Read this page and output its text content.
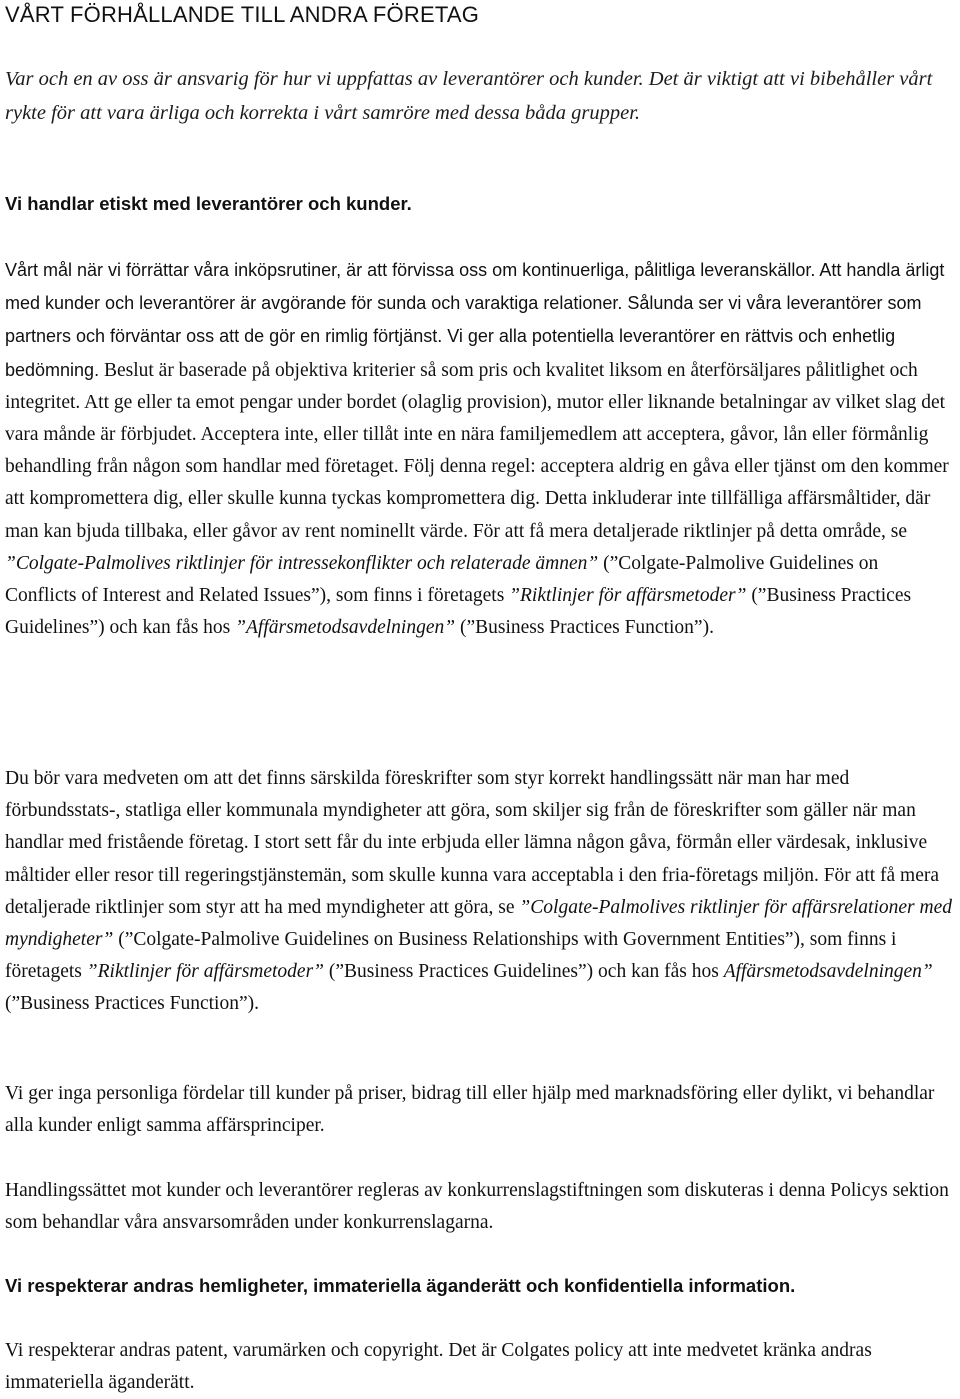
VÅRT FÖRHÅLLANDE TILL ANDRA FÖRETAG

Var och en av oss är ansvarig för hur vi uppfattas av leverantörer och kunder. Det är viktigt att vi bibehåller vårt rykte för att vara ärliga och korrekta i vårt samröre med dessa båda grupper.

Vi handlar etiskt med leverantörer och kunder.

Vårt mål när vi förrättar våra inköpsrutiner, är att förvissa oss om kontinuerliga, pålitliga leveranskällor. Att handla ärligt med kunder och leverantörer är avgörande för sunda och varaktiga relationer. Sålunda ser vi våra leverantörer som partners och förväntar oss att de gör en rimlig förtjänst. Vi ger alla potentiella leverantörer en rättvis och enhetlig bedömning. Beslut är baserade på objektiva kriterier så som pris och kvalitet liksom en återförsäljares pålitlighet och integritet. Att ge eller ta emot pengar under bordet (olaglig provision), mutor eller liknande betalningar av vilket slag det vara månde är förbjudet. Acceptera inte, eller tillåt inte en nära familjemedlem att acceptera, gåvor, lån eller förmånlig behandling från någon som handlar med företaget. Följ denna regel: acceptera aldrig en gåva eller tjänst om den kommer att kompromettera dig, eller skulle kunna tyckas kompromettera dig. Detta inkluderar inte tillfälliga affärsmåltider, där man kan bjuda tillbaka, eller gåvor av rent nominellt värde. För att få mera detaljerade riktlinjer på detta område, se ”Colgate-Palmolives riktlinjer för intressekonflikter och relaterade ämnen” (”Colgate-Palmolive Guidelines on Conflicts of Interest and Related Issues”), som finns i företagets ”Riktlinjer för affärsmetoder” (”Business Practices Guidelines”) och kan fås hos ”Affärsmetodsavdelningen” (”Business Practices Function”).

Du bör vara medveten om att det finns särskilda föreskrifter som styr korrekt handlingssätt när man har med förbundsstats-, statliga eller kommunala myndigheter att göra, som skiljer sig från de föreskrifter som gäller när man handlar med fristående företag. I stort sett får du inte erbjuda eller lämna någon gåva, förmån eller värdesak, inklusive måltider eller resor till regeringstjänstemän, som skulle kunna vara acceptabla i den fria-företags miljön. För att få mera detaljerade riktlinjer som styr att ha med myndigheter att göra, se ”Colgate-Palmolives riktlinjer för affärsrelationer med myndigheter” (”Colgate-Palmolive Guidelines on Business Relationships with Government Entities”), som finns i företagets ”Riktlinjer för affärsmetoder” (”Business Practices Guidelines”) och kan fås hos Affärsmetodsavdelningen” (”Business Practices Function”).

Vi ger inga personliga fördelar till kunder på priser, bidrag till eller hjälp med marknadsföring eller dylikt, vi behandlar alla kunder enligt samma affärsprinciper.

Handlingssättet mot kunder och leverantörer regleras av konkurrenslagstiftningen som diskuteras i denna Policys sektion som behandlar våra ansvarsområden under konkurrenslagarna.

Vi respekterar andras hemligheter, immateriella äganderätt och konfidentiella information.

Vi respekterar andras patent, varumärken och copyright. Det är Colgates policy att inte medvetet kränka andras immateriella äganderätt.
